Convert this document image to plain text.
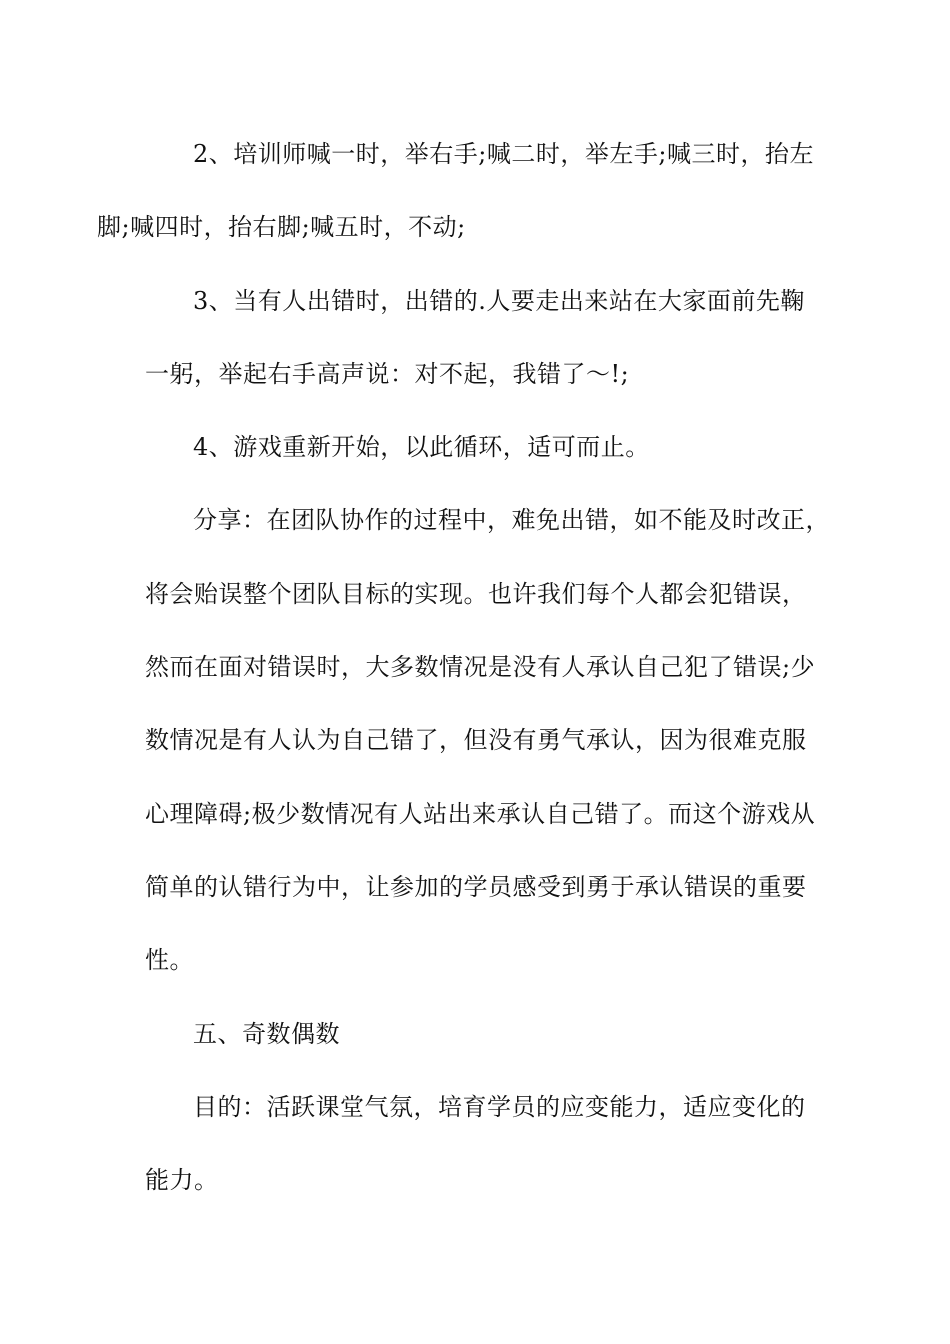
2、培训师喊一时，举右手;喊二时，举左手;喊三时，抬左
脚;喊四时，抬右脚;喊五时，不动;
3、当有人出错时，出错的.人要走出来站在大家面前先鞠
一躬，举起右手高声说：对不起，我错了～!;
4、游戏重新开始，以此循环，适可而止。
分享：在团队协作的过程中，难免出错，如不能及时改正，
将会贻误整个团队目标的实现。也许我们每个人都会犯错误，
然而在面对错误时，大多数情况是没有人承认自己犯了错误;少
数情况是有人认为自己错了，但没有勇气承认，因为很难克服
心理障碍;极少数情况有人站出来承认自己错了。而这个游戏从
简单的认错行为中，让参加的学员感受到勇于承认错误的重要
性。
五、奇数偶数
目的：活跃课堂气氛，培育学员的应变能力，适应变化的
能力。
